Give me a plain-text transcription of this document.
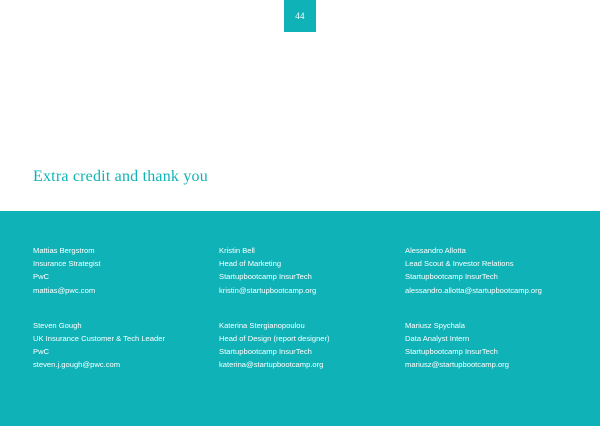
44
Extra credit and thank you
Mattias Bergstrom
Insurance Strategist
PwC
mattias@pwc.com
Steven Gough
UK Insurance Customer & Tech Leader
PwC
steven.j.gough@pwc.com
Kristin Bell
Head of Marketing
Startupbootcamp InsurTech
kristin@startupbootcamp.org
Katerina Stergianopoulou
Head of Design (report designer)
Startupbootcamp InsurTech
katerina@startupbootcamp.org
Alessandro Allotta
Lead Scout & Investor Relations
Startupbootcamp InsurTech
alessandro.allotta@startupbootcamp.org
Mariusz Spychala
Data Analyst Intern
Startupbootcamp InsurTech
mariusz@startupbootcamp.org
